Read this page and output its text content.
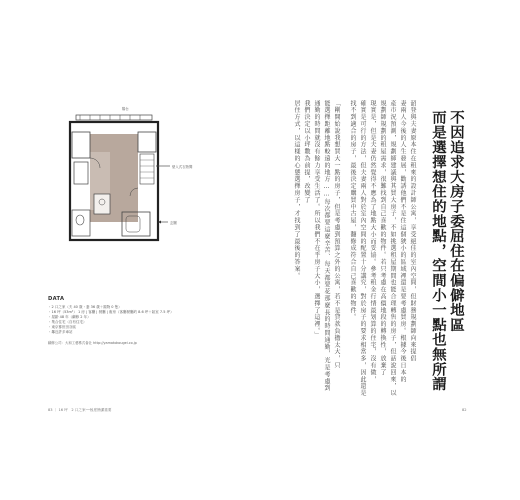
陽台
壁入式衣物間
玄關
DATA
・2 口之家（夫 40 歲・妻 36 歲＋寵物 0 隻）
・16 坪（53m²） 1 房 | 客廳 | 餐廳 | 廚房（客廳餐廳約 8.6 坪＋臥室 7.5 坪）
・屋齡 48 年（翻修 2 年）
・集合住宅（自有住宅）
・東京都世田谷區
・鄰近許多車站
翻修公司：大和工藝株式會社 http://yamatokougei.co.jp
83 ｜ 16 坪　2 口之家──極度簡潔重要
不因追求大房子委屈住在偏僻地區
而是選擇想住的地點，空間小一點也無所謂
韶登與夫妻原本住在租來的設計師公寓，享受絕佳的室內空間，但財務規劃師向來提倡
妻兩人今後的人生發展，勸誘他們不是住這個狹小的區域裡還是要考慮買房。根據今後日本的
產市況預測，規劃師建議與其買大房子，不如挑選租屋期間也能合理轉售的房子，但話說回來，以
規劃師規劃的租屋需求，很難找到自己喜歡的物件。若只考慮在高價地段的轉換性，放棄了
現實是，但是夫妻仍然覺得不應為了地點大小而妥協。參考租金行情最划算的住宅，沒有做，
確實是可行的方法，但夫妻兩人對於室內空間的配置十分講究，對於房子的要求相當多，因此還是
找不到適合的房子，最後決定購買中古屋，翻修成符合自己喜歡的物件。
「剛開始說我想買大一點的房子，但是考慮到預算之外的公寓，若不是貸款負擔太大，只
能選擇距離地點較遠的地方……每次都要這麼辛苦、每天都要花那麼長的時間通勤，光是考慮到
通勤的時間就沒有餘力享受生活了。所以我們不在乎房子大小，選擇了這裡。」
我們決定以小坪數為前提，改變了
居住方式，以這樣的心態選擇房子，才找到了最後的答案。
82
